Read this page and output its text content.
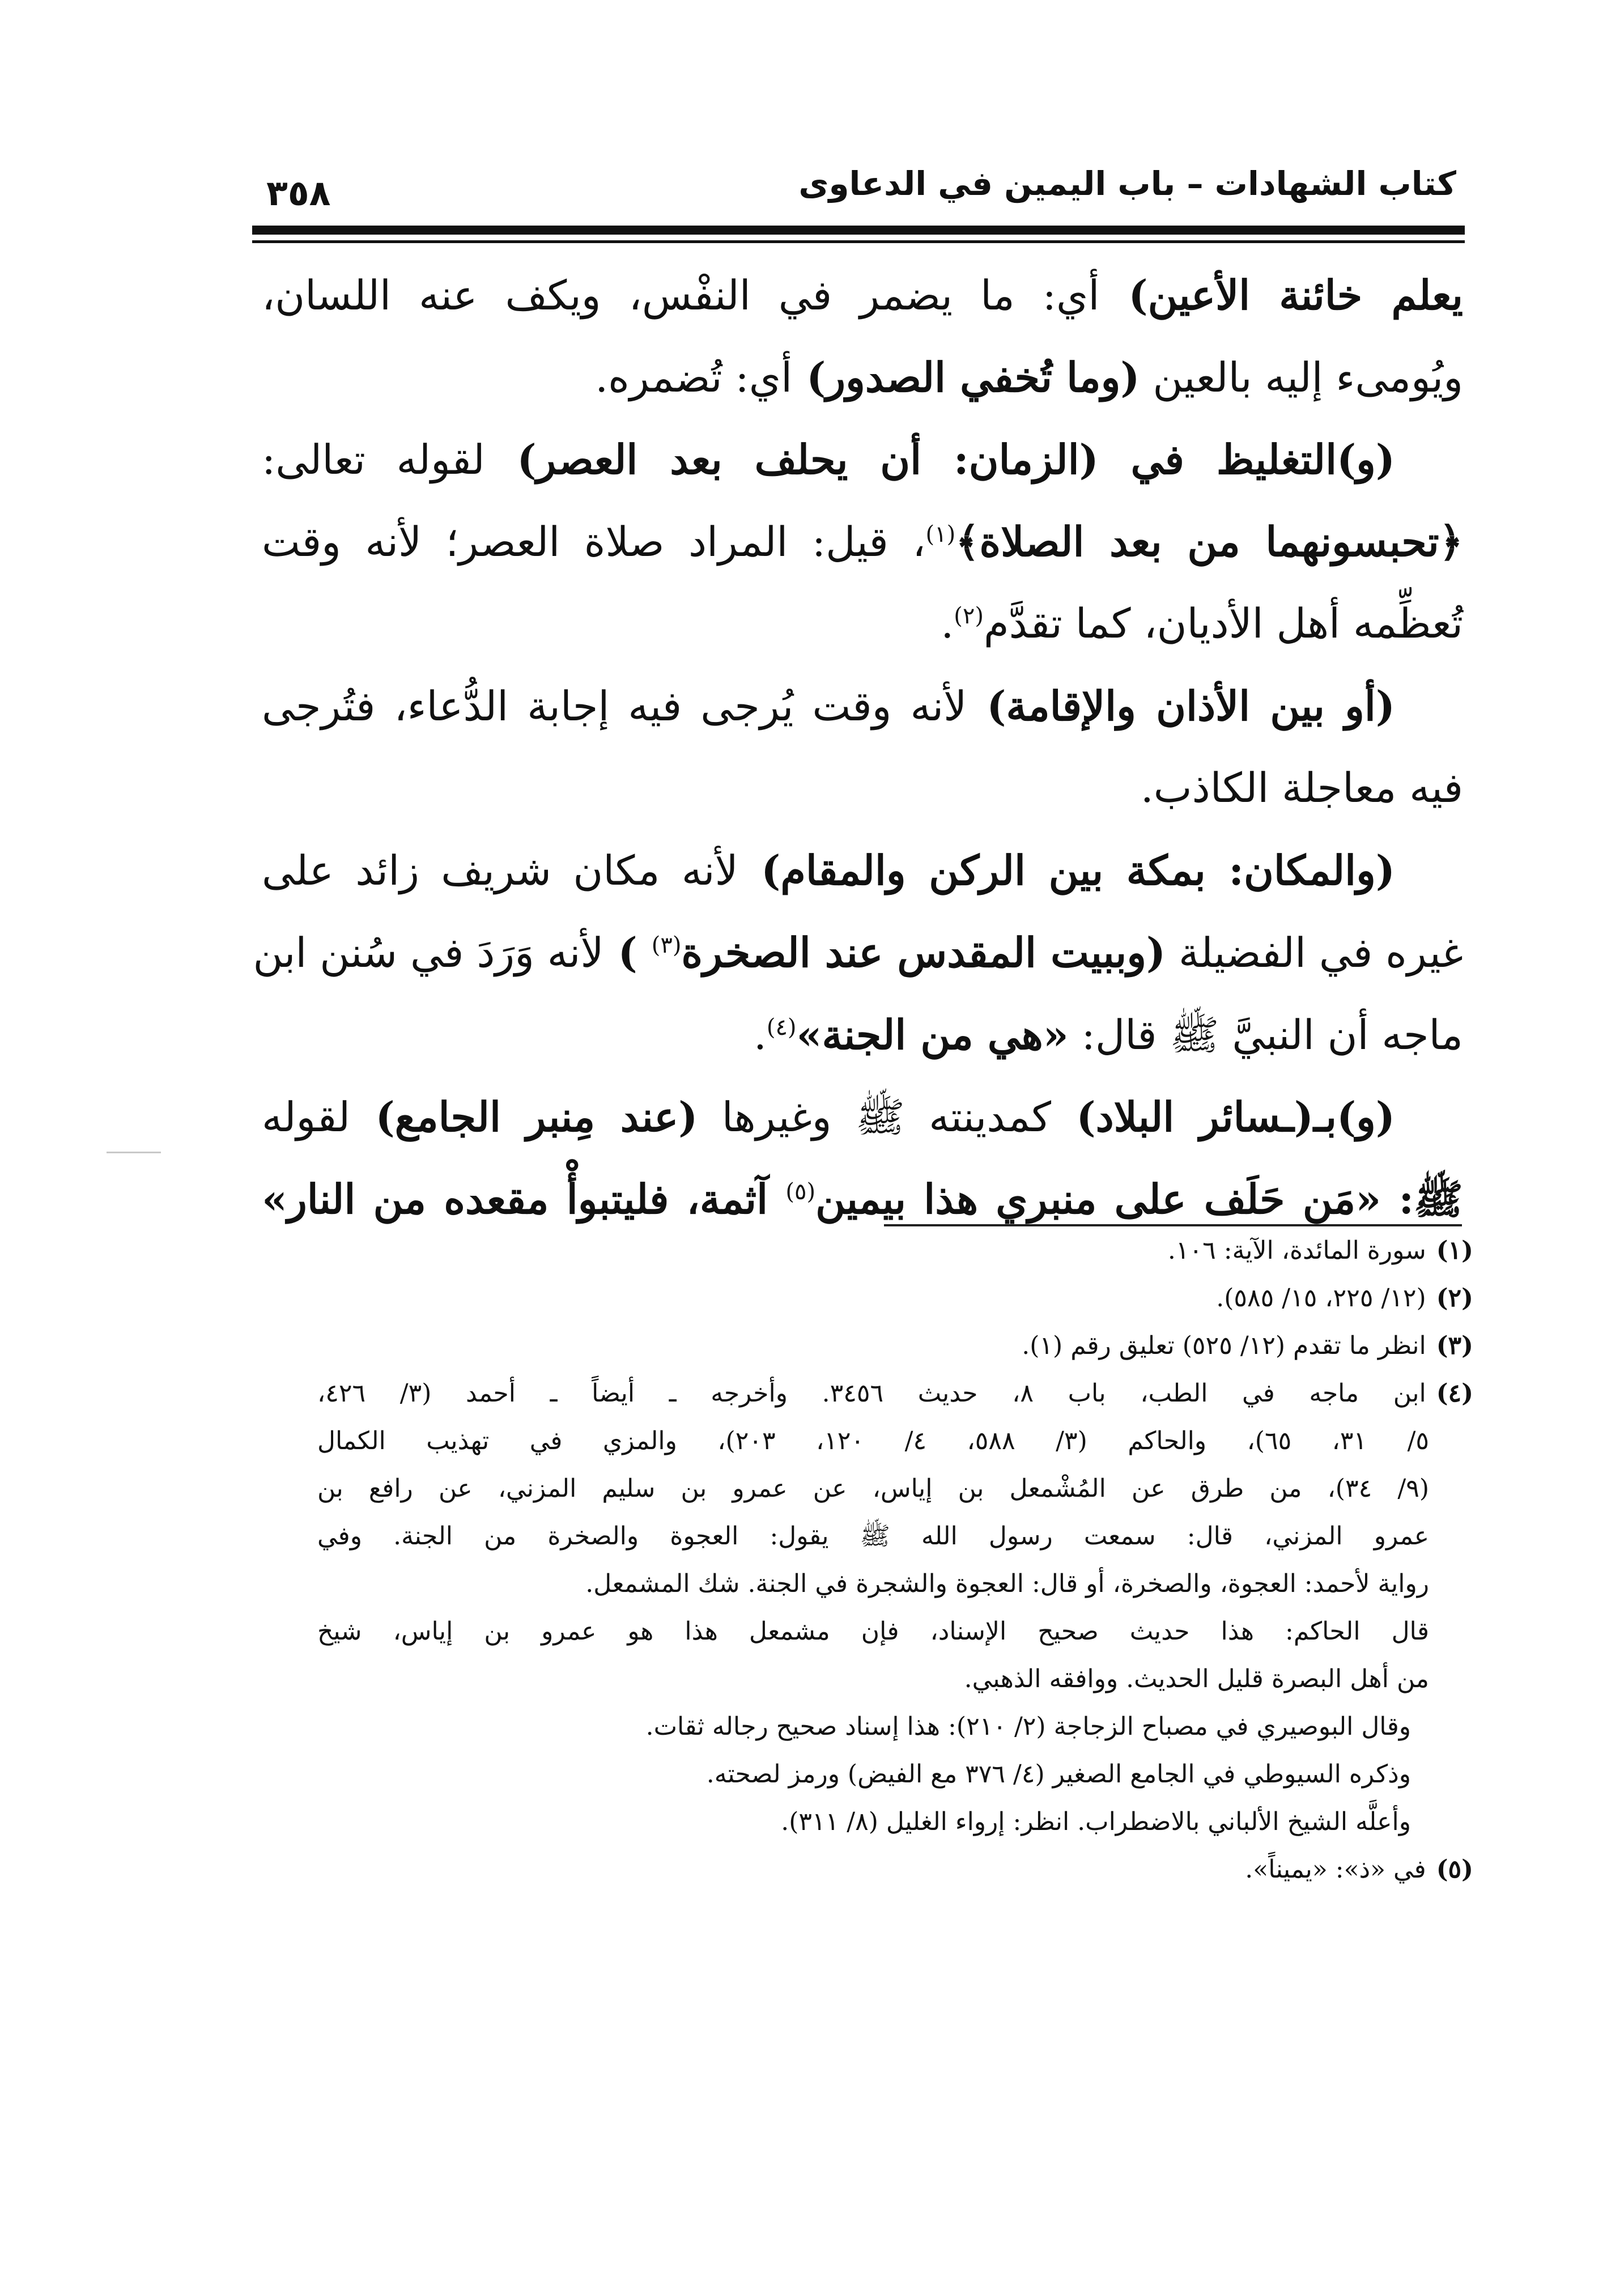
كتاب الشهادات – باب اليمين في الدعاوى
٣٥٨
يعلم خائنة الأعين) أي: ما يضمر في النفْس، ويكف عنه اللسان،
ويُومىء إليه بالعين (وما تُخفي الصدور) أي: تُضمره.
(و)التغليظ في (الزمان: أن يحلف بعد العصر) لقوله تعالى:
﴿تحبسونهما من بعد الصلاة﴾$^{(١)}$، قيل: المراد صلاة العصر؛ لأنه وقت
تُعظِّمه أهل الأديان، كما تقدَّم$^{(٢)}$.
(أو بين الأذان والإقامة) لأنه وقت يُرجى فيه إجابة الدُّعاء، فتُرجى
فيه معاجلة الكاذب.
(والمكان: بمكة بين الركن والمقام) لأنه مكان شريف زائد على
غيره في الفضيلة (وببيت المقدس عند الصخرة$^{(٣)}$ ) لأنه وَرَدَ في سُنن ابن
ماجه أن النبيَّ ﷺ قال: «هي من الجنة»$^{(٤)}$.
(و)بـ(ـسائر البلاد) كمدينته ﷺ وغيرها (عند مِنبر الجامع) لقوله
ﷺ: «مَن حَلَف على منبري هذا بيمين$^{(٥)}$ آثمة، فليتبوأْ مقعده من النار»
(١)سورة المائدة، الآية: ١٠٦.
(٢)(١٢/ ٢٢٥، ١٥/ ٥٨٥).
(٣)انظر ما تقدم (١٢/ ٥٢٥) تعليق رقم (١).
(٤)ابن ماجه في الطب، باب ٨، حديث ٣٤٥٦. وأخرجه ـ أيضاً ـ أحمد (٣/ ٤٢٦،
٥/ ٣١، ٦٥)، والحاكم (٣/ ٥٨٨، ٤/ ١٢٠، ٢٠٣)، والمزي في تهذيب الكمال
(٩/ ٣٤)، من طرق عن المُشْمعل بن إياس، عن عمرو بن سليم المزني، عن رافع بن
عمرو المزني، قال: سمعت رسول الله ﷺ يقول: العجوة والصخرة من الجنة. وفي
رواية لأحمد: العجوة، والصخرة، أو قال: العجوة والشجرة في الجنة. شك المشمعل.
قال الحاكم: هذا حديث صحيح الإسناد، فإن مشمعل هذا هو عمرو بن إياس، شيخ
من أهل البصرة قليل الحديث. ووافقه الذهبي.
وقال البوصيري في مصباح الزجاجة (٢/ ٢١٠): هذا إسناد صحيح رجاله ثقات.
وذكره السيوطي في الجامع الصغير (٤/ ٣٧٦ مع الفيض) ورمز لصحته.
وأعلَّه الشيخ الألباني بالاضطراب. انظر: إرواء الغليل (٨/ ٣١١).
(٥)في «ذ»: «يميناً».
